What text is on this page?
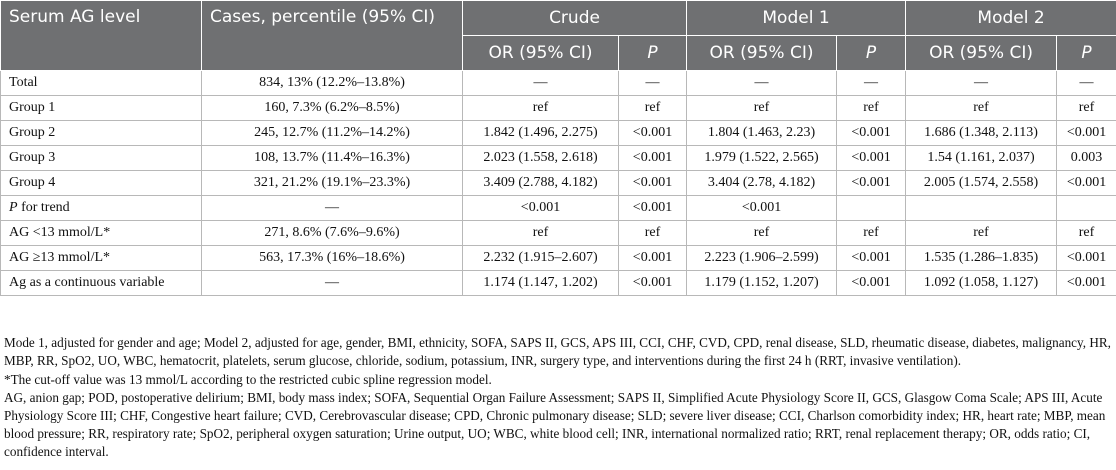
Serum AG level	Cases, percentile (95% CI)	Crude		Model 1		Model 2	
		OR (95% CI)	P	OR (95% CI)	P	OR (95% CI)	P
Total	834, 13% (12.2%–13.8%)	—	—	—	—	—	—
Group 1	160, 7.3% (6.2%–8.5%)	ref	ref	ref	ref	ref	ref
Group 2	245, 12.7% (11.2%–14.2%)	1.842 (1.496, 2.275)	<0.001	1.804 (1.463, 2.23)	<0.001	1.686 (1.348, 2.113)	<0.001
Group 3	108, 13.7% (11.4%–16.3%)	2.023 (1.558, 2.618)	<0.001	1.979 (1.522, 2.565)	<0.001	1.54 (1.161, 2.037)	0.003
Group 4	321, 21.2% (19.1%–23.3%)	3.409 (2.788, 4.182)	<0.001	3.404 (2.78, 4.182)	<0.001	2.005 (1.574, 2.558)	<0.001
P for trend	—	<0.001	<0.001	<0.001			
AG <13 mmol/L*	271, 8.6% (7.6%–9.6%)	ref	ref	ref	ref	ref	ref
AG ≥13 mmol/L*	563, 17.3% (16%–18.6%)	2.232 (1.915–2.607)	<0.001	2.223 (1.906–2.599)	<0.001	1.535 (1.286–1.835)	<0.001
Ag as a continuous variable	—	1.174 (1.147, 1.202)	<0.001	1.179 (1.152, 1.207)	<0.001	1.092 (1.058, 1.127)	<0.001

Mode 1, adjusted for gender and age; Model 2, adjusted for age, gender, BMI, ethnicity, SOFA, SAPS II, GCS, APS III, CCI, CHF, CVD, CPD, renal disease, SLD, rheumatic disease, diabetes, malignancy, HR, MBP, RR, SpO2, UO, WBC, hematocrit, platelets, serum glucose, chloride, sodium, potassium, INR, surgery type, and interventions during the first 24 h (RRT, invasive ventilation).

*The cut-off value was 13 mmol/L according to the restricted cubic spline regression model.

AG, anion gap; POD, postoperative delirium; BMI, body mass index; SOFA, Sequential Organ Failure Assessment; SAPS II, Simplified Acute Physiology Score II, GCS, Glasgow Coma Scale; APS III, Acute Physiology Score III; CHF, Congestive heart failure; CVD, Cerebrovascular disease; CPD, Chronic pulmonary disease; SLD; severe liver disease; CCI, Charlson comorbidity index; HR, heart rate; MBP, mean blood pressure; RR, respiratory rate; SpO2, peripheral oxygen saturation; Urine output, UO; WBC, white blood cell; INR, international normalized ratio; RRT, renal replacement therapy; OR, odds ratio; CI, confidence interval.
